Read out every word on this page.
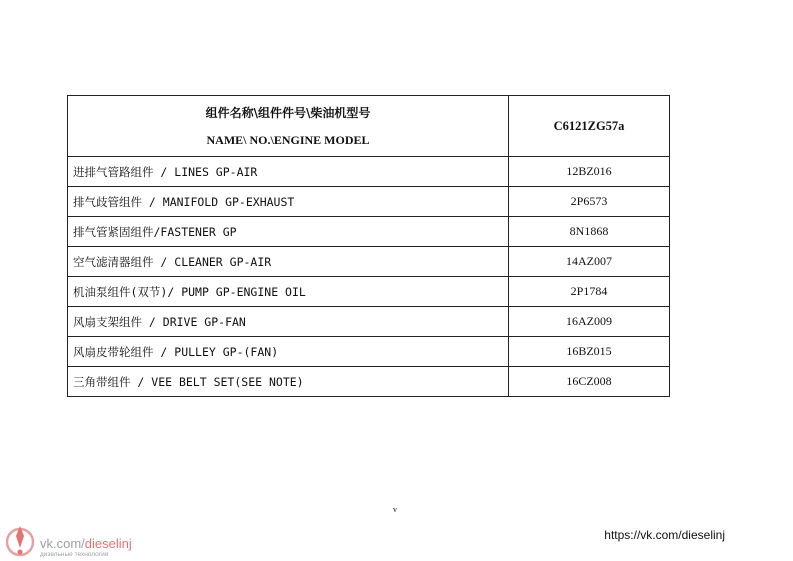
组件名称\组件件号\柴油机型号
NAME\ NO.\ENGINE MODEL	C6121ZG57a
进排气管路组件 / LINES GP-AIR	12BZ016
排气歧管组件 / MANIFOLD GP-EXHAUST	2P6573
排气管紧固组件/FASTENER GP	8N1868
空气滤清器组件 / CLEANER GP-AIR	14AZ007
机油泵组件(双节)/ PUMP GP-ENGINE OIL	2P1784
风扇支架组件 / DRIVE GP-FAN	16AZ009
风扇皮带轮组件 / PULLEY GP-(FAN)	16BZ015
三角带组件 / VEE BELT SET(SEE NOTE)	16CZ008
v
vk.com/dieselinj
дизельные технологии
https://vk.com/dieselinj
